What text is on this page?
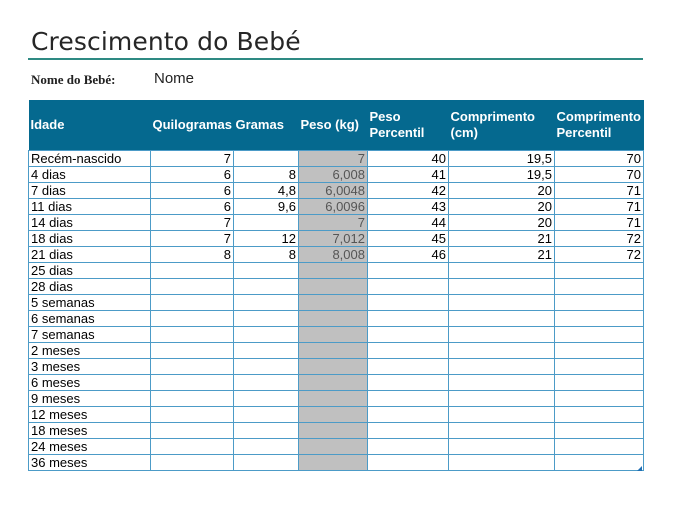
Crescimento do Bebé
Nome do Bebé:	Nome
Idade	Quilogramas	Gramas	Peso (kg)	Peso Percentil	Comprimento (cm)	Comprimento Percentil
Recém-nascido	7		7	40	19,5	70
4 dias	6	8	6,008	41	19,5	70
7 dias	6	4,8	6,0048	42	20	71
11 dias	6	9,6	6,0096	43	20	71
14 dias	7		7	44	20	71
18 dias	7	12	7,012	45	21	72
21 dias	8	8	8,008	46	21	72
25 dias						
28 dias						
5 semanas						
6 semanas						
7 semanas						
2 meses						
3 meses						
6 meses						
9 meses						
12 meses						
18 meses						
24 meses						
36 meses						
